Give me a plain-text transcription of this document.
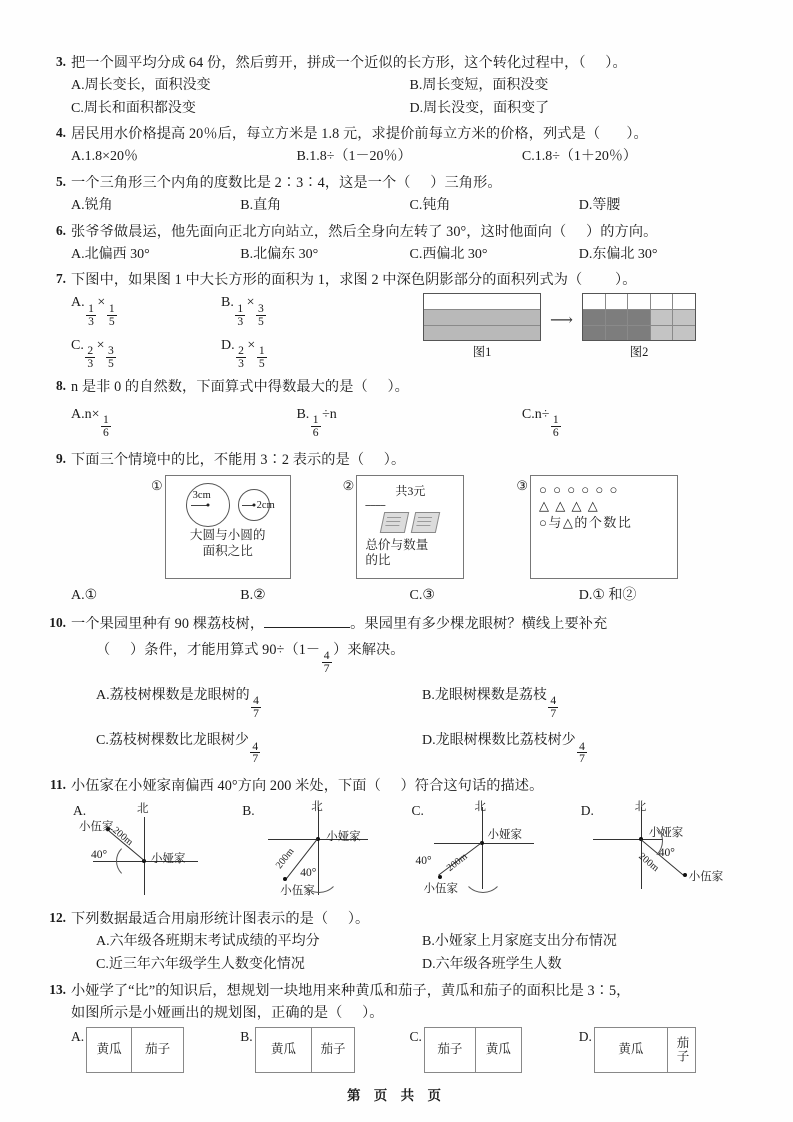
3. 把一个圆平均分成 64 份，然后剪开，拼成一个近似的长方形，这个转化过程中，（ ）。
A.周长变长，面积没变	B.周长变短，面积没变
C.周长和面积都没变	D.周长没变，面积变了
4. 居民用水价格提高 20％后，每立方米是 1.8 元，求提价前每立方米的价格，列式是（ ）。
A.1.8×20％	B.1.8÷（1－20％）	C.1.8÷（1＋20％）
5. 一个三角形三个内角的度数比是 2∶3∶4，这是一个（ ）三角形。
A.锐角	B.直角	C.钝角	D.等腰
6. 张爷爷做晨运，他先面向正北方向站立，然后全身向左转了 30°，这时他面向（ ）的方向。
A.北偏西 30°	B.北偏东 30°	C.西偏北 30°	D.东偏北 30°
7. 下图中，如果图 1 中大长方形的面积为 1，求图 2 中深色阴影部分的面积列式为（ ）。
A.
$\frac{1}{3}$
×
$\frac{1}{5}$
B.
$\frac{1}{3}$
×
$\frac{3}{5}$
C.
$\frac{2}{3}$
×
$\frac{3}{5}$
D.
$\frac{2}{3}$
×
$\frac{1}{5}$	图1
⟶
图2
8. n 是非 0 的自然数，下面算式中得数最大的是（ ）。
A.n×
$\frac{1}{6}$
B.
$\frac{1}{6}$
÷n	C.n÷
$\frac{1}{6}$
9. 下面三个情境中的比，不能用 3∶2 表示的是（ ）。
①
3cm
2cm
大圆与小圆的
面积之比
②	共3元
⎯⎯⎯⎯
总价与数量
的比
③ ○ ○ ○ ○ ○ ○
△ △ △ △
○与△的个数比
A.①	B.②	C.③	D.① 和②
10. 一个果园里种有 90 棵荔枝树，	。果园里有多少棵龙眼树？横线上要补充
（ ）条件，才能用算式 90÷（1－
$\frac{4}{7}$
）来解决。
A.荔枝树棵数是龙眼树的
$\frac{4}{7}$
B.龙眼树棵数是荔枝
$\frac{4}{7}$
C.荔枝树棵数比龙眼树少
$\frac{4}{7}$
D.龙眼树棵数比荔枝树少
$\frac{4}{7}$
11. 小伍家在小娅家南偏西 40°方向 200 米处，下面（ ）符合这句话的描述。
A.	北
小娅家
小伍家
200m
40°
B.	北
小娅家
小伍家
200m
40°
C.	北
小娅家
小伍家
200m
40°
D.	北
小娅家
小伍家
200m
40°
12. 下列数据最适合用扇形统计图表示的是（ ）。
A.六年级各班期末考试成绩的平均分	B.小娅家上月家庭支出分布情况
C.近三年六年级学生人数变化情况	D.六年级各班学生人数
13. 小娅学了“比”的知识后，想规划一块地用来种黄瓜和茄子，黄瓜和茄子的面积比是 3∶5，
如图所示是小娅画出的规划图，正确的是（ ）。
A.
黄瓜	茄子
B.
黄瓜	茄子
C.
茄子	黄瓜
D.
黄瓜	茄子
第 页 共 页
